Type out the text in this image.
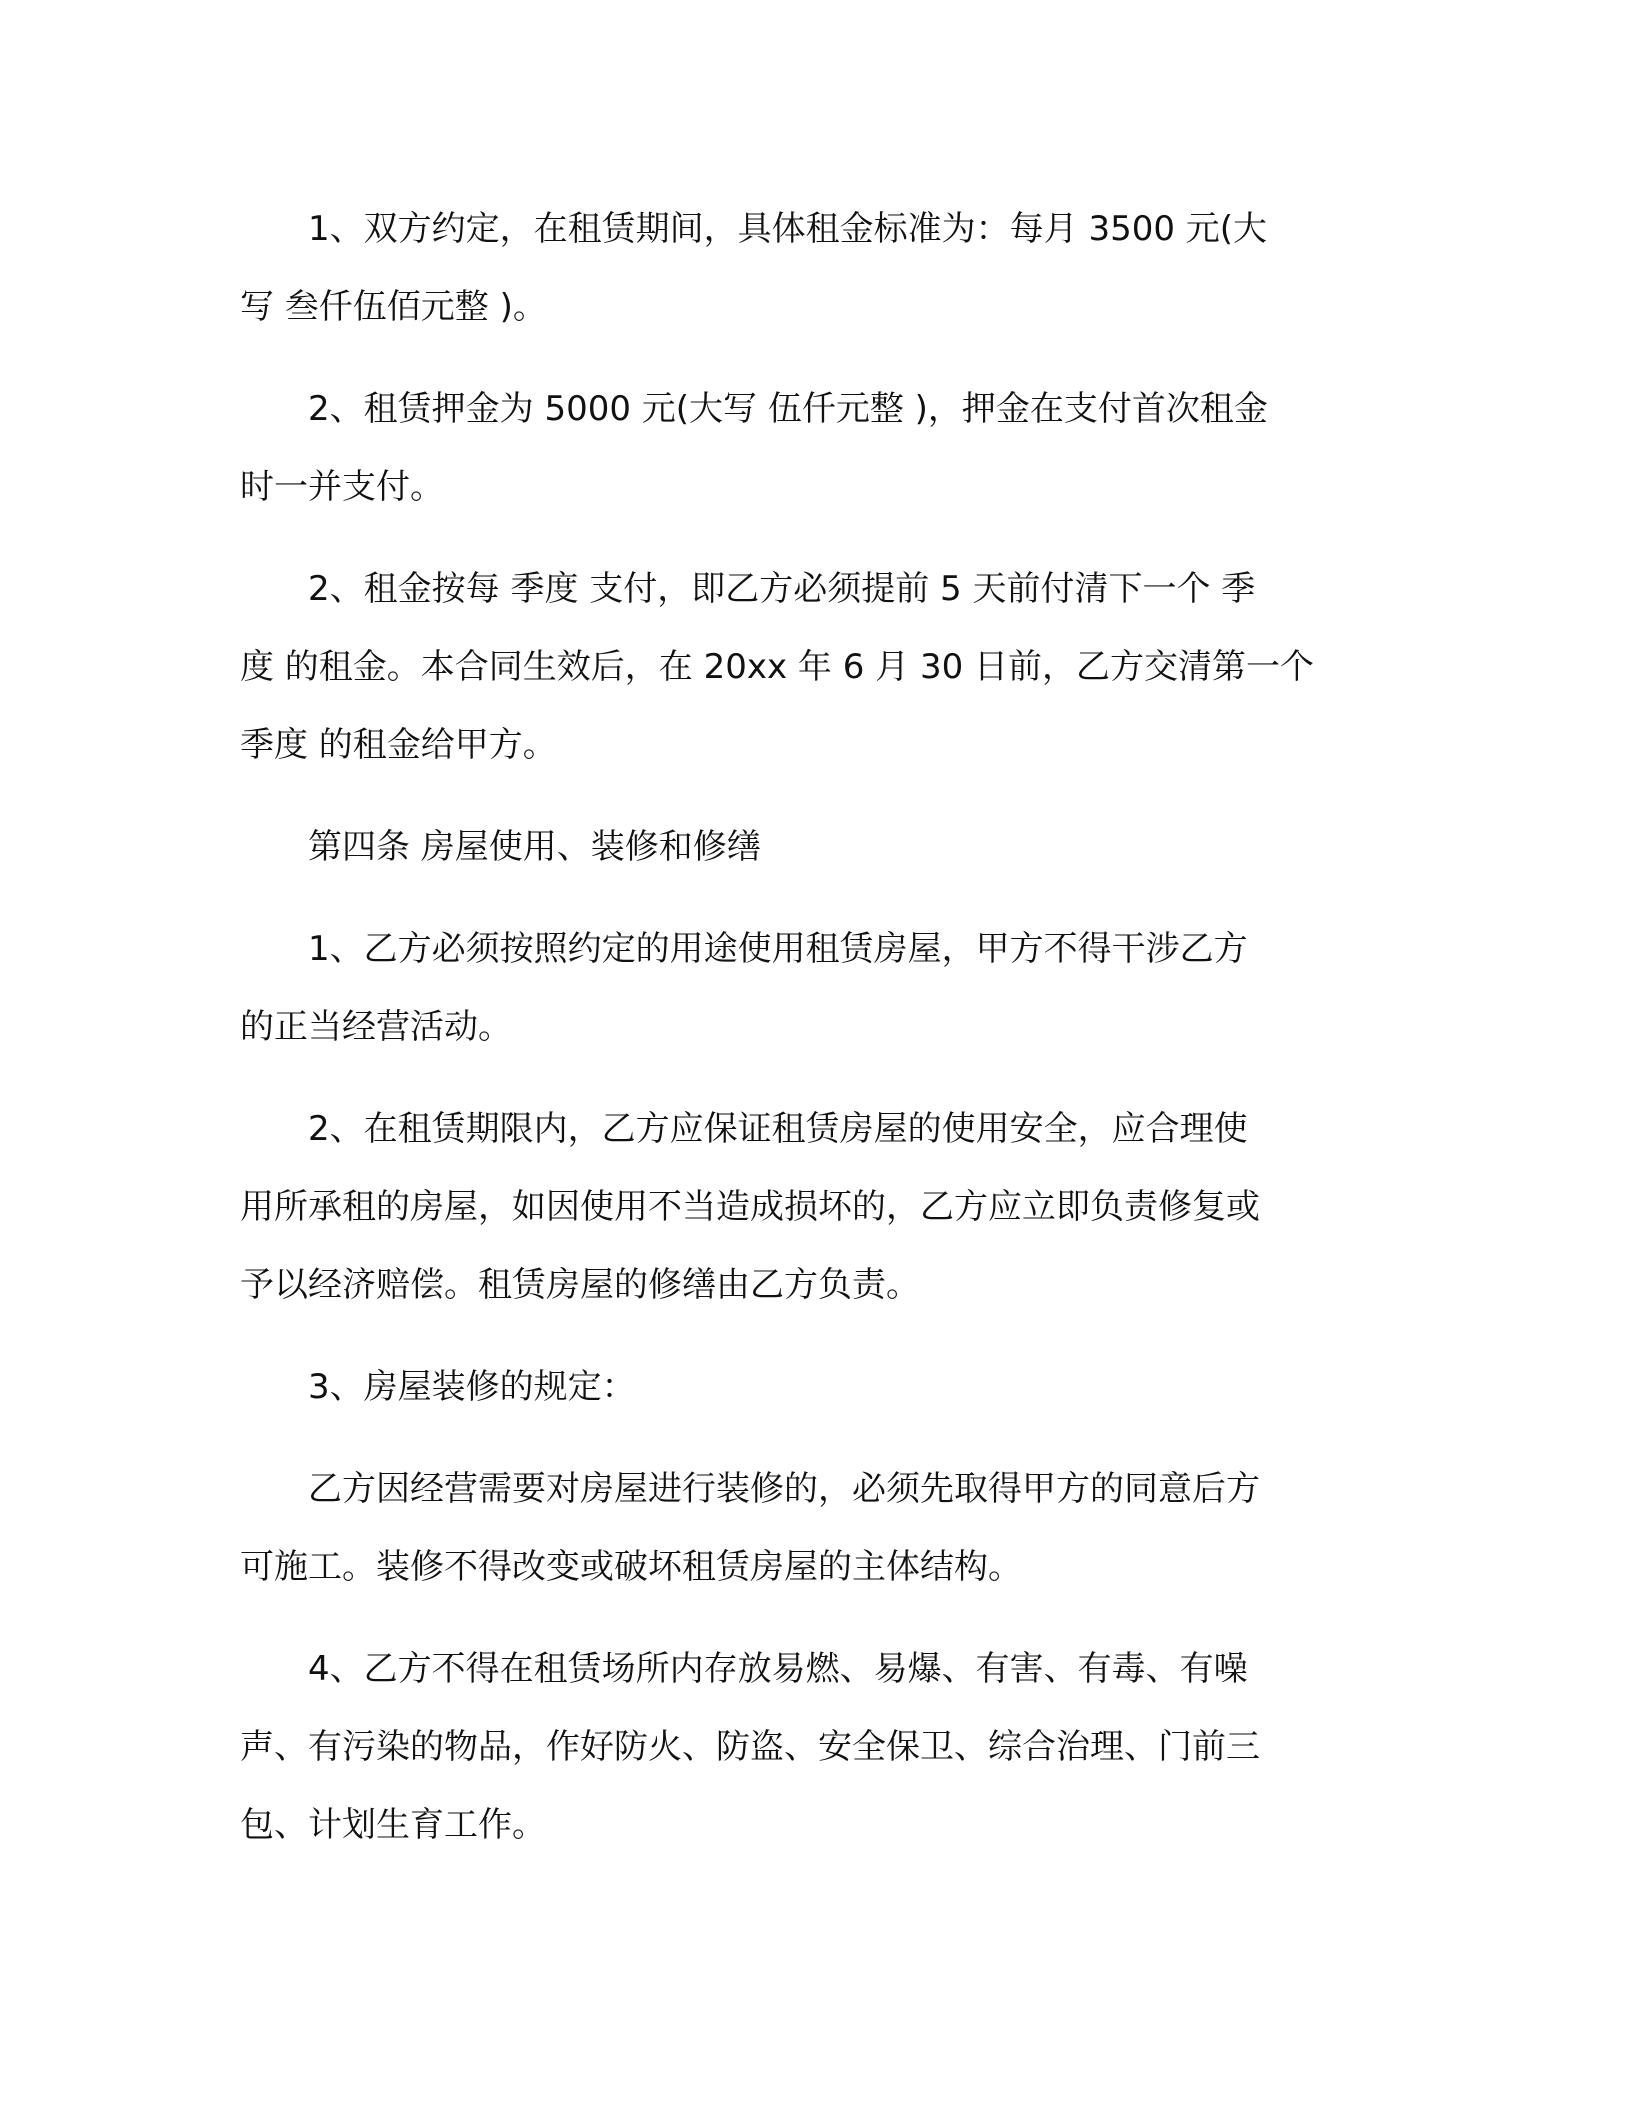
1、双方约定，在租赁期间，具体租金标准为：每月 3500 元(大
写 叁仟伍佰元整 )。

2、租赁押金为 5000 元(大写 伍仟元整 )，押金在支付首次租金
时一并支付。

2、租金按每 季度 支付，即乙方必须提前 5 天前付清下一个 季
度 的租金。本合同生效后，在 20xx 年 6 月 30 日前，乙方交清第一个
季度 的租金给甲方。

第四条 房屋使用、装修和修缮

1、乙方必须按照约定的用途使用租赁房屋，甲方不得干涉乙方
的正当经营活动。

2、在租赁期限内，乙方应保证租赁房屋的使用安全，应合理使
用所承租的房屋，如因使用不当造成损坏的，乙方应立即负责修复或
予以经济赔偿。租赁房屋的修缮由乙方负责。

3、房屋装修的规定：

乙方因经营需要对房屋进行装修的，必须先取得甲方的同意后方
可施工。装修不得改变或破坏租赁房屋的主体结构。

4、乙方不得在租赁场所内存放易燃、易爆、有害、有毒、有噪
声、有污染的物品，作好防火、防盗、安全保卫、综合治理、门前三
包、计划生育工作。
